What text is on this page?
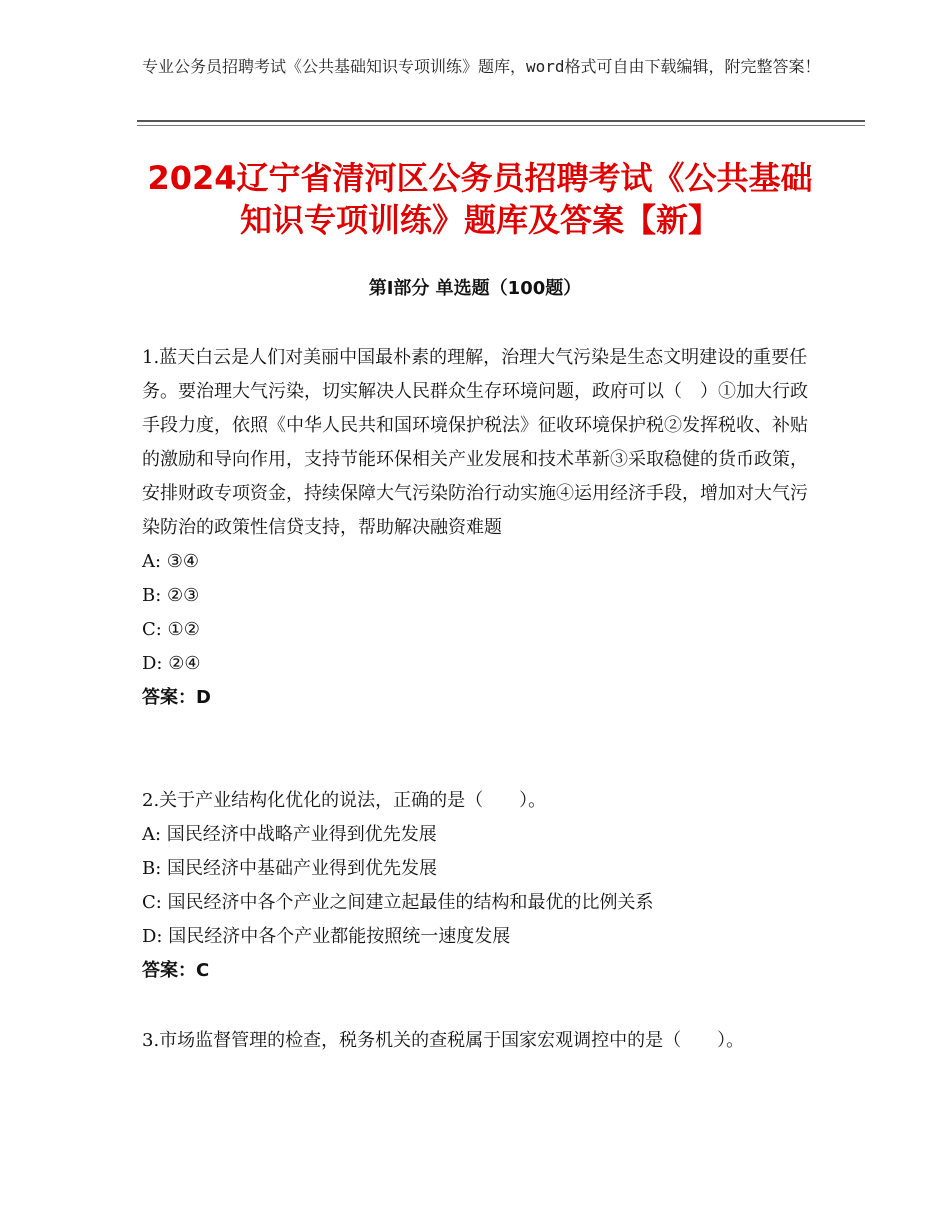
专业公务员招聘考试《公共基础知识专项训练》题库，word格式可自由下载编辑，附完整答案！
2024辽宁省清河区公务员招聘考试《公共基础知识专项训练》题库及答案【新】
第Ⅰ部分 单选题（100题）
1.蓝天白云是人们对美丽中国最朴素的理解，治理大气污染是生态文明建设的重要任务。要治理大气污染，切实解决人民群众生存环境问题，政府可以（　）①加大行政手段力度，依照《中华人民共和国环境保护税法》征收环境保护税②发挥税收、补贴的激励和导向作用，支持节能环保相关产业发展和技术革新③采取稳健的货币政策，安排财政专项资金，持续保障大气污染防治行动实施④运用经济手段，增加对大气污染防治的政策性信贷支持，帮助解决融资难题
A: ③④
B: ②③
C: ①②
D: ②④
答案：D
2.关于产业结构化优化的说法，正确的是（　　）。
A: 国民经济中战略产业得到优先发展
B: 国民经济中基础产业得到优先发展
C: 国民经济中各个产业之间建立起最佳的结构和最优的比例关系
D: 国民经济中各个产业都能按照统一速度发展
答案：C
3.市场监督管理的检查，税务机关的查税属于国家宏观调控中的是（　　）。
